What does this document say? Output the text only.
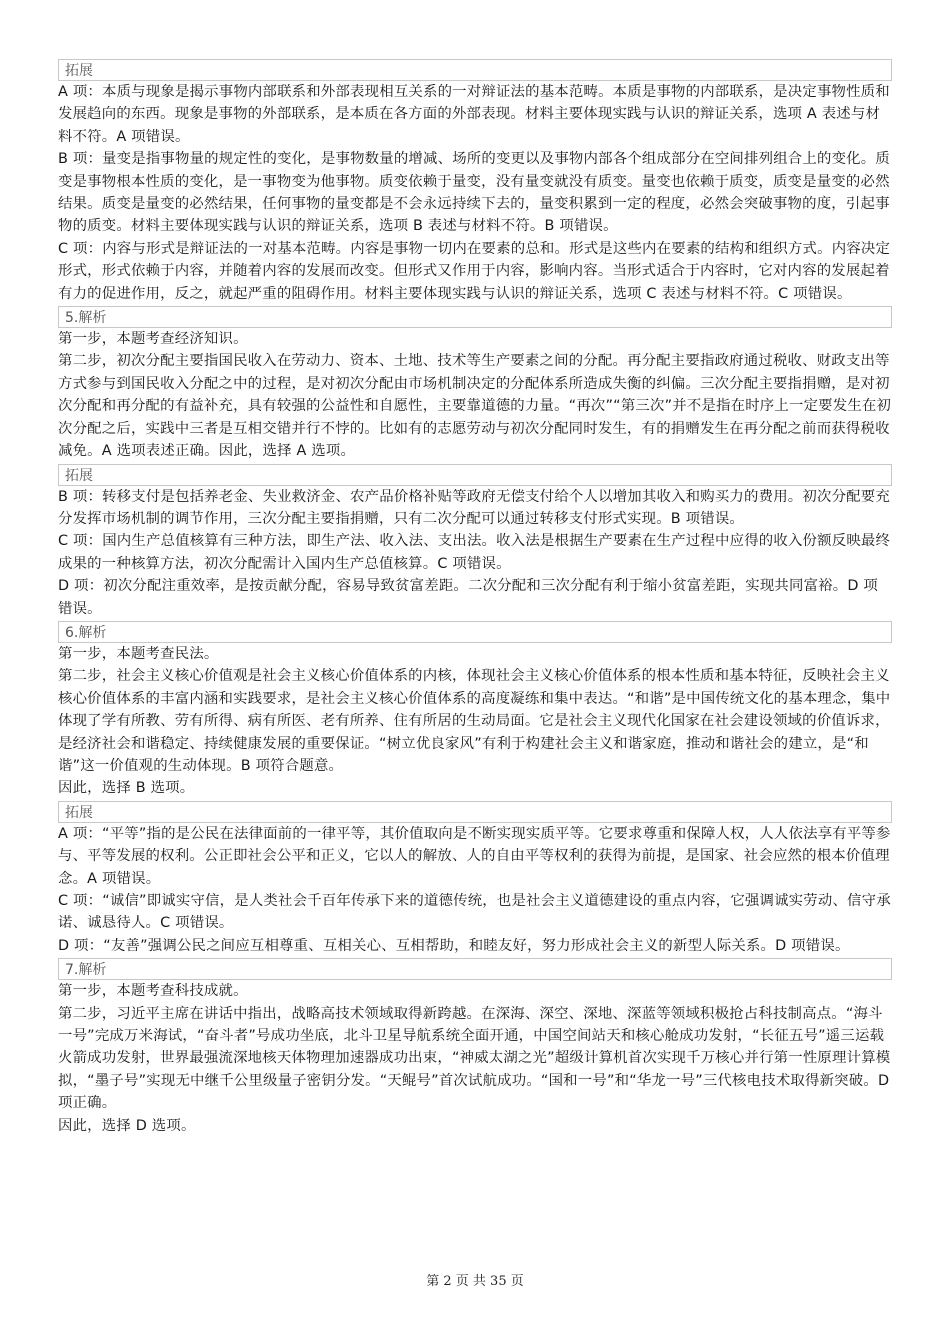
拓展

A 项：本质与现象是揭示事物内部联系和外部表现相互关系的一对辩证法的基本范畴。本质是事物的内部联系，是决定事物性质和发展趋向的东西。现象是事物的外部联系，是本质在各方面的外部表现。材料主要体现实践与认识的辩证关系，选项 A 表述与材料不符。A 项错误。

B 项：量变是指事物量的规定性的变化，是事物数量的增减、场所的变更以及事物内部各个组成部分在空间排列组合上的变化。质变是事物根本性质的变化，是一事物变为他事物。质变依赖于量变，没有量变就没有质变。量变也依赖于质变，质变是量变的必然结果。质变是量变的必然结果，任何事物的量变都是不会永远持续下去的，量变积累到一定的程度，必然会突破事物的度，引起事物的质变。材料主要体现实践与认识的辩证关系，选项 B 表述与材料不符。B 项错误。

C 项：内容与形式是辩证法的一对基本范畴。内容是事物一切内在要素的总和。形式是这些内在要素的结构和组织方式。内容决定形式，形式依赖于内容，并随着内容的发展而改变。但形式又作用于内容，影响内容。当形式适合于内容时，它对内容的发展起着有力的促进作用，反之，就起严重的阻碍作用。材料主要体现实践与认识的辩证关系，选项 C 表述与材料不符。C 项错误。

5.解析

第一步，本题考查经济知识。

第二步，初次分配主要指国民收入在劳动力、资本、土地、技术等生产要素之间的分配。再分配主要指政府通过税收、财政支出等方式参与到国民收入分配之中的过程，是对初次分配由市场机制决定的分配体系所造成失衡的纠偏。三次分配主要指捐赠，是对初次分配和再分配的有益补充，具有较强的公益性和自愿性，主要靠道德的力量。“再次”“第三次”并不是指在时序上一定要发生在初次分配之后，实践中三者是互相交错并行不悖的。比如有的志愿劳动与初次分配同时发生，有的捐赠发生在再分配之前而获得税收减免。A 选项表述正确。因此，选择 A 选项。

拓展

B 项：转移支付是包括养老金、失业救济金、农产品价格补贴等政府无偿支付给个人以增加其收入和购买力的费用。初次分配要充分发挥市场机制的调节作用，三次分配主要指捐赠，只有二次分配可以通过转移支付形式实现。B 项错误。

C 项：国内生产总值核算有三种方法，即生产法、收入法、支出法。收入法是根据生产要素在生产过程中应得的收入份额反映最终成果的一种核算方法，初次分配需计入国内生产总值核算。C 项错误。

D 项：初次分配注重效率，是按贡献分配，容易导致贫富差距。二次分配和三次分配有利于缩小贫富差距，实现共同富裕。D 项错误。

6.解析

第一步，本题考查民法。

第二步，社会主义核心价值观是社会主义核心价值体系的内核，体现社会主义核心价值体系的根本性质和基本特征，反映社会主义核心价值体系的丰富内涵和实践要求，是社会主义核心价值体系的高度凝练和集中表达。“和谐”是中国传统文化的基本理念，集中体现了学有所教、劳有所得、病有所医、老有所养、住有所居的生动局面。它是社会主义现代化国家在社会建设领域的价值诉求，是经济社会和谐稳定、持续健康发展的重要保证。“树立优良家风”有利于构建社会主义和谐家庭，推动和谐社会的建立，是“和谐”这一价值观的生动体现。B 项符合题意。

因此，选择 B 选项。

拓展

A 项：“平等”指的是公民在法律面前的一律平等，其价值取向是不断实现实质平等。它要求尊重和保障人权，人人依法享有平等参与、平等发展的权利。公正即社会公平和正义，它以人的解放、人的自由平等权利的获得为前提，是国家、社会应然的根本价值理念。A 项错误。

C 项：“诚信”即诚实守信，是人类社会千百年传承下来的道德传统，也是社会主义道德建设的重点内容，它强调诚实劳动、信守承诺、诚恳待人。C 项错误。

D 项：“友善”强调公民之间应互相尊重、互相关心、互相帮助，和睦友好，努力形成社会主义的新型人际关系。D 项错误。

7.解析

第一步，本题考查科技成就。

第二步，习近平主席在讲话中指出，战略高技术领域取得新跨越。在深海、深空、深地、深蓝等领域积极抢占科技制高点。“海斗一号”完成万米海试，“奋斗者”号成功坐底，北斗卫星导航系统全面开通，中国空间站天和核心舱成功发射，“长征五号”遥三运载火箭成功发射，世界最强流深地核天体物理加速器成功出束，“神威太湖之光”超级计算机首次实现千万核心并行第一性原理计算模拟，“墨子号”实现无中继千公里级量子密钥分发。“天鲲号”首次试航成功。“国和一号”和“华龙一号”三代核电技术取得新突破。D 项正确。

因此，选择 D 选项。

第 2 页 共 35 页
